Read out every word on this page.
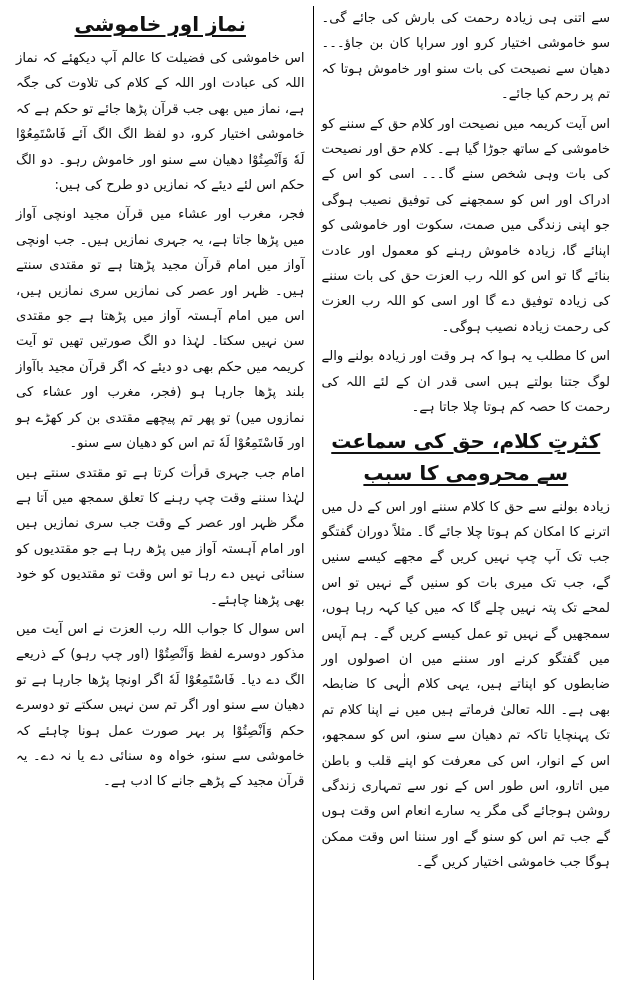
سے اتنی ہی زیادہ رحمت کی بارش کی جائے گی۔ سو خاموشی اختیار کرو اور سراپا کان بن جاؤ۔۔۔ دھیان سے نصیحت کی بات سنو اور خاموش ہوتا کہ تم پر رحم کیا جائے۔

اس آیت کریمہ میں نصیحت اور کلام حق کے سننے کو خاموشی کے ساتھ جوڑا گیا ہے۔ کلام حق اور نصیحت کی بات وہی شخص سنے گا۔۔۔ اسی کو اس کے ادراک اور اس کو سمجھنے کی توفیق نصیب ہوگی جو اپنی زندگی میں صمت، سکوت اور خاموشی کو اپنائے گا، زیادہ خاموش رہنے کو معمول اور عادت بنائے گا تو اس کو اللہ رب العزت حق کی بات سننے کی زیادہ توفیق دے گا اور اسی کو اللہ رب العزت کی رحمت زیادہ نصیب ہوگی۔

اس کا مطلب یہ ہوا کہ ہر وقت اور زیادہ بولنے والے لوگ جتنا بولتے ہیں اسی قدر ان کے لئے اللہ کی رحمت کا حصہ کم ہوتا چلا جاتا ہے۔

کثرتِ کلام، حق کی سماعت سے محرومی کا سبب

زیادہ بولنے سے حق کا کلام سننے اور اس کے دل میں اترنے کا امکان کم ہوتا چلا جائے گا۔ مثلاً دوران گفتگو جب تک آپ چپ نہیں کریں گے مجھے کیسے سنیں گے، جب تک میری بات کو سنیں گے نہیں تو اس لمحے تک پتہ نہیں چلے گا کہ میں کیا کہہ رہا ہوں، سمجھیں گے نہیں تو عمل کیسے کریں گے۔ ہم آپس میں گفتگو کرنے اور سننے میں ان اصولوں اور ضابطوں کو اپناتے ہیں، یہی کلام الٰہی کا ضابطہ بھی ہے۔ اللہ تعالیٰ فرماتے ہیں میں نے اپنا کلام تم تک پہنچایا تاکہ تم دھیان سے سنو، اس کو سمجھو، اس کے انوار، اس کی معرفت کو اپنے قلب و باطن میں اتارو، اس طور اس کے نور سے تمہاری زندگی روشن ہوجائے گی مگر یہ سارے انعام اس وقت ہوں گے جب تم اس کو سنو گے اور سننا اس وقت ممکن ہوگا جب خاموشی اختیار کریں گے۔

نماز اور خاموشی

اس خاموشی کی فضیلت کا عالم آپ دیکھئے کہ نماز اللہ کی عبادت اور اللہ کے کلام کی تلاوت کی جگہ ہے، نماز میں بھی جب قرآن پڑھا جائے تو حکم ہے کہ خاموشی اختیار کرو، دو لفظ الگ الگ آئے فَاسْتَمِعُوْا لَهٗ وَاَنْصِتُوْا دھیان سے سنو اور خاموش رہو۔ دو الگ حکم اس لئے دیئے کہ نمازیں دو طرح کی ہیں:

فجر، مغرب اور عشاء میں قرآن مجید اونچی آواز میں پڑھا جاتا ہے، یہ جہری نمازیں ہیں۔ جب اونچی آواز میں امام قرآن مجید پڑھتا ہے تو مقتدی سنتے ہیں۔ ظہر اور عصر کی نمازیں سری نمازیں ہیں، اس میں امام آہستہ آواز میں پڑھتا ہے جو مقتدی سن نہیں سکتا۔ لہٰذا دو الگ صورتیں تھیں تو آیت کریمہ میں حکم بھی دو دیئے کہ اگر قرآن مجید باآواز بلند پڑھا جارہا ہو (فجر، مغرب اور عشاء کی نمازوں میں) تو پھر تم پیچھے مقتدی بن کر کھڑے ہو اور فَاسْتَمِعُوْا لَهٗ تم اس کو دھیان سے سنو۔

امام جب جہری قرأت کرتا ہے تو مقتدی سنتے ہیں لہٰذا سننے وقت چپ رہنے کا تعلق سمجھ میں آتا ہے مگر ظہر اور عصر کے وقت جب سری نمازیں ہیں اور امام آہستہ آواز میں پڑھ رہا ہے جو مقتدیوں کو سنائی نہیں دے رہا تو اس وقت تو مقتدیوں کو خود بھی پڑھنا چاہئے۔

اس سوال کا جواب اللہ رب العزت نے اس آیت میں مذکور دوسرے لفظ وَاَنْصِتُوْا (اور چپ رہو) کے ذریعے الگ دے دیا۔ فَاسْتَمِعُوْا لَهٗ اگر اونچا پڑھا جارہا ہے تو دھیان سے سنو اور اگر تم سن نہیں سکتے تو دوسرے حکم وَاَنْصِتُوْا پر بہر صورت عمل ہونا چاہئے کہ خاموشی سے سنو، خواہ وہ سنائی دے یا نہ دے۔ یہ قرآن مجید کے پڑھے جانے کا ادب ہے۔
